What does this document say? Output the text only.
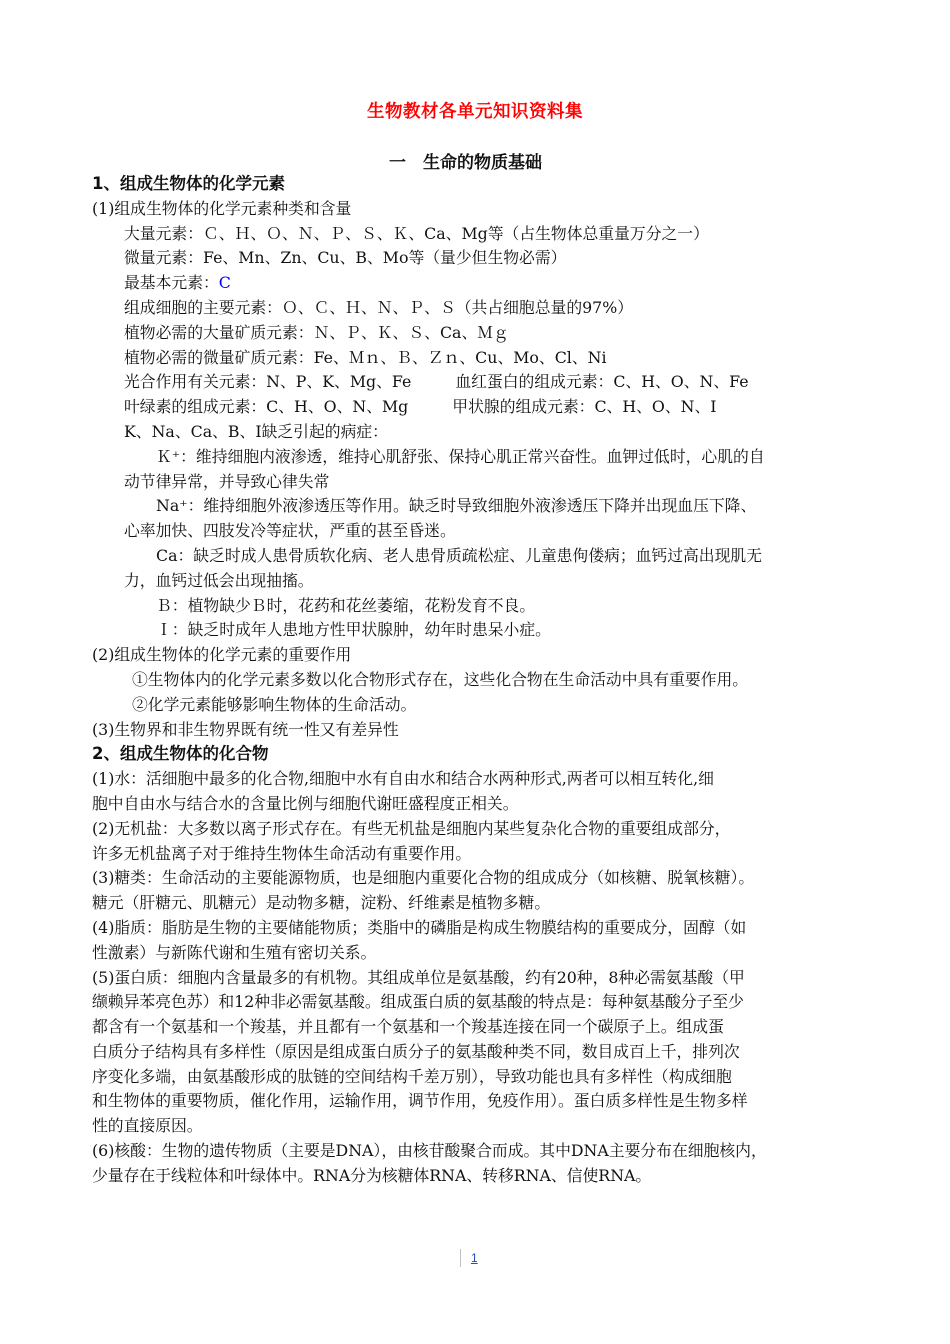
生物教材各单元知识资料集
一　生命的物质基础
1、组成生物体的化学元素
(1)组成生物体的化学元素种类和含量
大量元素：Ｃ、Ｈ、Ｏ、Ｎ、Ｐ、Ｓ、Ｋ、Ca、Mg等（占生物体总重量万分之一）
微量元素：Fe、Mn、Zn、Cu、B、Mo等（量少但生物必需）
最基本元素：C
组成细胞的主要元素：Ｏ、Ｃ、Ｈ、Ｎ、Ｐ、Ｓ（共占细胞总量的97%）
植物必需的大量矿质元素：Ｎ、Ｐ、Ｋ、Ｓ、Ca、Ｍｇ
植物必需的微量矿质元素：Fe、Ｍｎ、Ｂ、Ｚｎ、Cu、Mo、Cl、Ni
光合作用有关元素：N、P、K、Mg、Fe	血红蛋白的组成元素：C、H、O、N、Fe
叶绿素的组成元素：C、H、O、N、Mg	甲状腺的组成元素：C、H、O、N、I
K、Na、Ca、B、I缺乏引起的病症：
Ｋ⁺：维持细胞内液渗透，维持心肌舒张、保持心肌正常兴奋性。血钾过低时，心肌的自
动节律异常，并导致心律失常
Na⁺：维持细胞外液渗透压等作用。缺乏时导致细胞外液渗透压下降并出现血压下降、
心率加快、四肢发冷等症状，严重的甚至昏迷。
Ca：缺乏时成人患骨质软化病、老人患骨质疏松症、儿童患佝偻病；血钙过高出现肌无
力，血钙过低会出现抽搐。
Ｂ：植物缺少Ｂ时，花药和花丝萎缩，花粉发育不良。
Ｉ：缺乏时成年人患地方性甲状腺肿，幼年时患呆小症。
(2)组成生物体的化学元素的重要作用
①生物体内的化学元素多数以化合物形式存在，这些化合物在生命活动中具有重要作用。
②化学元素能够影响生物体的生命活动。
(3)生物界和非生物界既有统一性又有差异性
2、组成生物体的化合物
(1)水：活细胞中最多的化合物,细胞中水有自由水和结合水两种形式,两者可以相互转化,细
胞中自由水与结合水的含量比例与细胞代谢旺盛程度正相关。
(2)无机盐：大多数以离子形式存在。有些无机盐是细胞内某些复杂化合物的重要组成部分，
许多无机盐离子对于维持生物体生命活动有重要作用。
(3)糖类：生命活动的主要能源物质，也是细胞内重要化合物的组成成分（如核糖、脱氧核糖）。
糖元（肝糖元、肌糖元）是动物多糖，淀粉、纤维素是植物多糖。
(4)脂质：脂肪是生物的主要储能物质；类脂中的磷脂是构成生物膜结构的重要成分，固醇（如
性激素）与新陈代谢和生殖有密切关系。
(5)蛋白质：细胞内含量最多的有机物。其组成单位是氨基酸，约有20种，8种必需氨基酸（甲
缬赖异苯亮色苏）和12种非必需氨基酸。组成蛋白质的氨基酸的特点是：每种氨基酸分子至少
都含有一个氨基和一个羧基，并且都有一个氨基和一个羧基连接在同一个碳原子上。组成蛋
白质分子结构具有多样性（原因是组成蛋白质分子的氨基酸种类不同，数目成百上千，排列次
序变化多端，由氨基酸形成的肽链的空间结构千差万别），导致功能也具有多样性（构成细胞
和生物体的重要物质，催化作用，运输作用，调节作用，免疫作用）。蛋白质多样性是生物多样
性的直接原因。
(6)核酸：生物的遗传物质（主要是DNA），由核苷酸聚合而成。其中DNA主要分布在细胞核内，
少量存在于线粒体和叶绿体中。RNA分为核糖体RNA、转移RNA、信使RNA。
1
